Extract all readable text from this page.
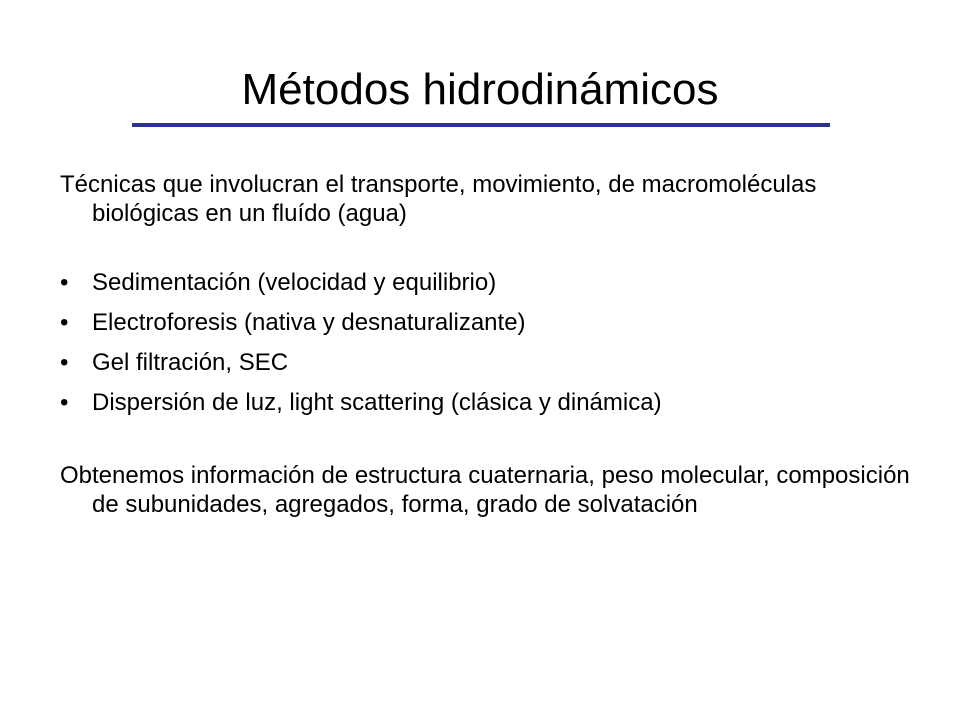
Métodos hidrodinámicos

Técnicas que involucran el transporte, movimiento, de macromoléculas biológicas en un fluído (agua)

• Sedimentación (velocidad y equilibrio)
• Electroforesis (nativa y desnaturalizante)
• Gel filtración, SEC
• Dispersión de luz, light scattering (clásica y dinámica)

Obtenemos información de estructura cuaternaria, peso molecular, composición de subunidades, agregados, forma, grado de solvatación
